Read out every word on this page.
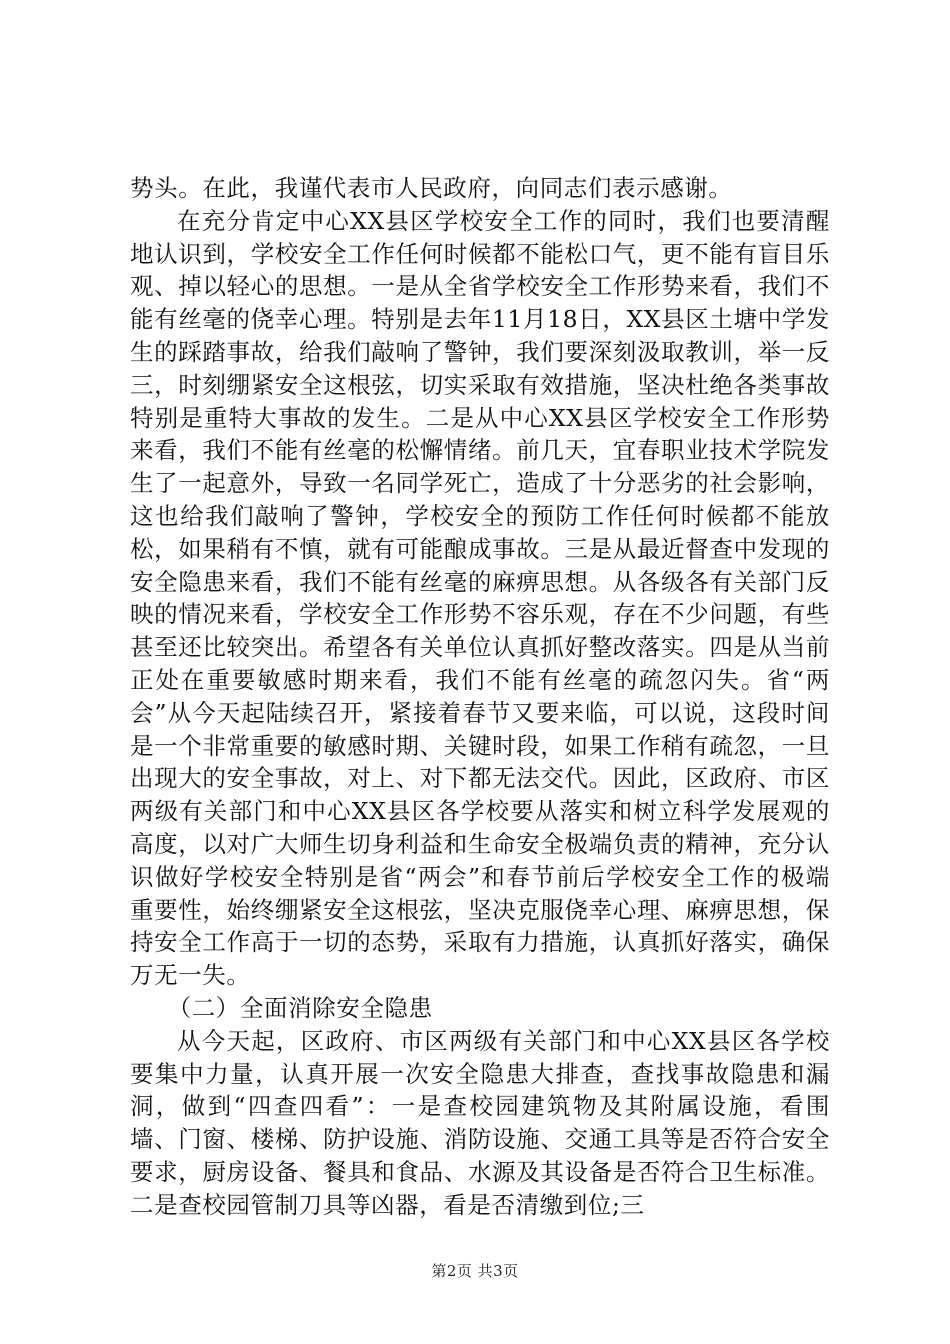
势头。在此，我谨代表市人民政府，向同志们表示感谢。

在充分肯定中心XX县区学校安全工作的同时，我们也要清醒地认识到，学校安全工作任何时候都不能松口气，更不能有盲目乐观、掉以轻心的思想。一是从全省学校安全工作形势来看，我们不能有丝毫的侥幸心理。特别是去年11月18日，XX县区土塘中学发生的踩踏事故，给我们敲响了警钟，我们要深刻汲取教训，举一反三，时刻绷紧安全这根弦，切实采取有效措施，坚决杜绝各类事故特别是重特大事故的发生。二是从中心XX县区学校安全工作形势来看，我们不能有丝毫的松懈情绪。前几天，宜春职业技术学院发生了一起意外，导致一名同学死亡，造成了十分恶劣的社会影响，这也给我们敲响了警钟，学校安全的预防工作任何时候都不能放松，如果稍有不慎，就有可能酿成事故。三是从最近督查中发现的安全隐患来看，我们不能有丝毫的麻痹思想。从各级各有关部门反映的情况来看，学校安全工作形势不容乐观，存在不少问题，有些甚至还比较突出。希望各有关单位认真抓好整改落实。四是从当前正处在重要敏感时期来看，我们不能有丝毫的疏忽闪失。省“两会”从今天起陆续召开，紧接着春节又要来临，可以说，这段时间是一个非常重要的敏感时期、关键时段，如果工作稍有疏忽，一旦出现大的安全事故，对上、对下都无法交代。因此，区政府、市区两级有关部门和中心XX县区各学校要从落实和树立科学发展观的高度，以对广大师生切身利益和生命安全极端负责的精神，充分认识做好学校安全特别是省“两会”和春节前后学校安全工作的极端重要性，始终绷紧安全这根弦，坚决克服侥幸心理、麻痹思想，保持安全工作高于一切的态势，采取有力措施，认真抓好落实，确保万无一失。

（二）全面消除安全隐患

从今天起，区政府、市区两级有关部门和中心XX县区各学校要集中力量，认真开展一次安全隐患大排查，查找事故隐患和漏洞，做到“四查四看”：一是查校园建筑物及其附属设施，看围墙、门窗、楼梯、防护设施、消防设施、交通工具等是否符合安全要求，厨房设备、餐具和食品、水源及其设备是否符合卫生标准。二是查校园管制刀具等凶器，看是否清缴到位;三

第2页 共3页
